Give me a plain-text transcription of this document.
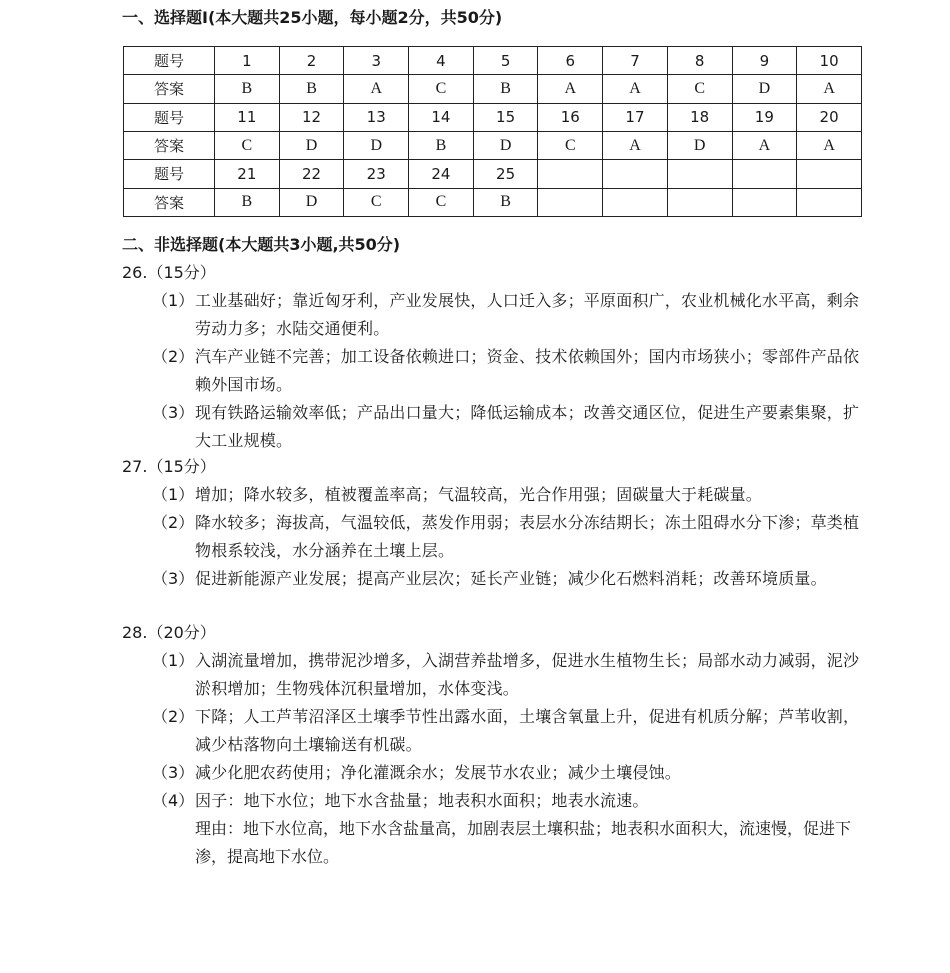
一、选择题Ⅰ(本大题共25小题，每小题2分，共50分)
题号	1	2	3	4	5	6	7	8	9	10
答案	B	B	A	C	B	A	A	C	D	A
题号	11	12	13	14	15	16	17	18	19	20
答案	C	D	D	B	D	C	A	D	A	A
题号	21	22	23	24	25					
答案	B	D	C	C	B					
二、非选择题(本大题共3小题,共50分)
26.（15分）
（1） 工业基础好；靠近匈牙利，产业发展快，人口迁入多；平原面积广，农业机械化水平高，剩余劳动力多；水陆交通便利。
（2） 汽车产业链不完善；加工设备依赖进口；资金、技术依赖国外；国内市场狭小；零部件产品依赖外国市场。
（3） 现有铁路运输效率低；产品出口量大；降低运输成本；改善交通区位，促进生产要素集聚，扩大工业规模。
27.（15分）
（1） 增加；降水较多，植被覆盖率高；气温较高，光合作用强；固碳量大于耗碳量。
（2） 降水较多；海拔高，气温较低，蒸发作用弱；表层水分冻结期长；冻土阻碍水分下渗；草类植物根系较浅，水分涵养在土壤上层。
（3） 促进新能源产业发展；提高产业层次；延长产业链；减少化石燃料消耗；改善环境质量。
28.（20分）
（1） 入湖流量增加，携带泥沙增多，入湖营养盐增多，促进水生植物生长；局部水动力减弱，泥沙淤积增加；生物残体沉积量增加，水体变浅。
（2） 下降；人工芦苇沼泽区土壤季节性出露水面，土壤含氧量上升，促进有机质分解；芦苇收割，减少枯落物向土壤输送有机碳。
（3） 减少化肥农药使用；净化灌溉余水；发展节水农业；减少土壤侵蚀。
（4） 因子：地下水位；地下水含盐量；地表积水面积；地表水流速。
理由：地下水位高，地下水含盐量高，加剧表层土壤积盐；地表积水面积大，流速慢，促进下渗，提高地下水位。
